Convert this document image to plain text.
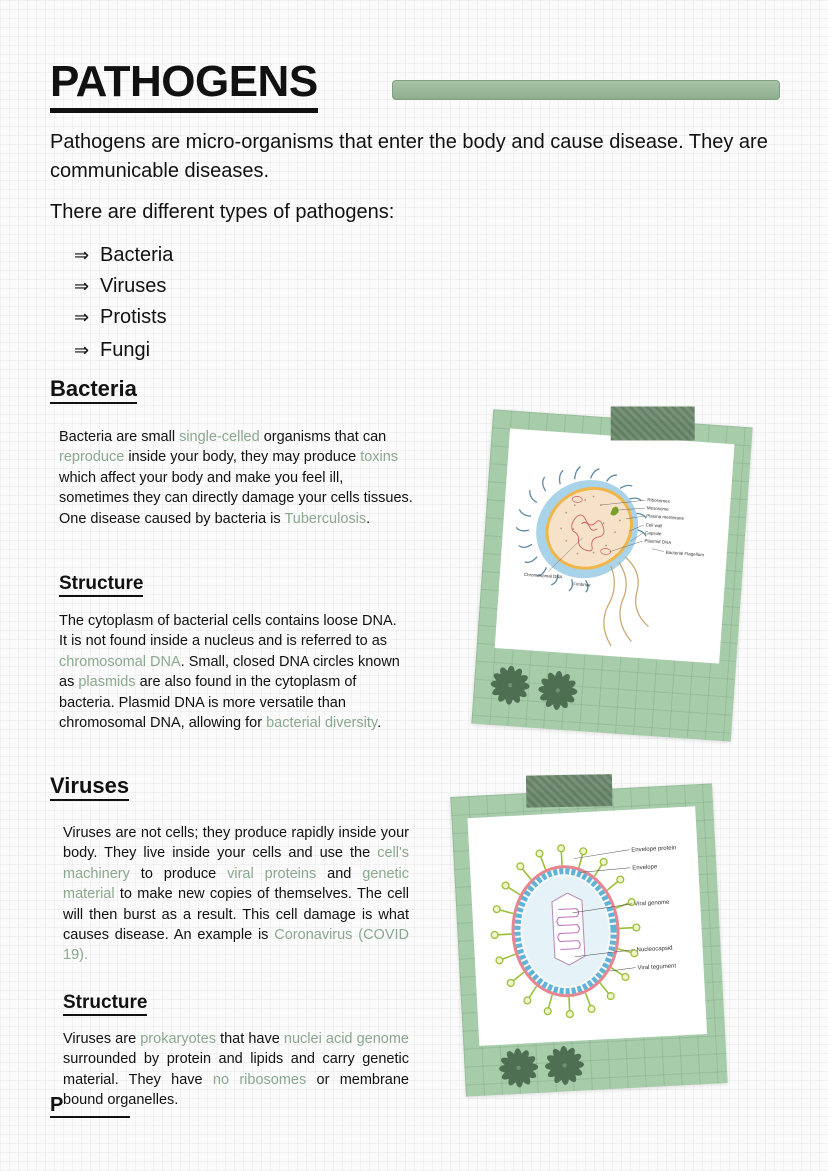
PATHOGENS

Pathogens are micro-organisms that enter the body and cause disease. They are communicable diseases.

There are different types of pathogens:

⇒ Bacteria
⇒ Viruses
⇒ Protists
⇒ Fungi
Bacteria

Bacteria are small single-celled organisms that can reproduce inside your body, they may produce toxins which affect your body and make you feel ill, sometimes they can directly damage your cells tissues. One disease caused by bacteria is Tuberculosis.

Structure

The cytoplasm of bacterial cells contains loose DNA. It is not found inside a nucleus and is referred to as chromosomal DNA. Small, closed DNA circles known as plasmids are also found in the cytoplasm of bacteria. Plasmid DNA is more versatile than chromosomal DNA, allowing for bacterial diversity.

Ribosomes
Mesosome
Plasma membrane
Cell wall
Capsule
Plasmid DNA
Bacterial Flagellum
Chromosomal DNA
Fimbriae
Viruses

Viruses are not cells; they produce rapidly inside your body. They live inside your cells and use the cell's machinery to produce viral proteins and genetic material to make new copies of themselves. The cell will then burst as a result. This cell damage is what causes disease. An example is Coronavirus (COVID 19).

Structure

Viruses are prokaryotes that have nuclei acid genome surrounded by protein and lipids and carry genetic material. They have no ribosomes or membrane bound organelles.

P
Envelope protein
Envelope
Viral genome
Nucleocapsid
Viral tegument
